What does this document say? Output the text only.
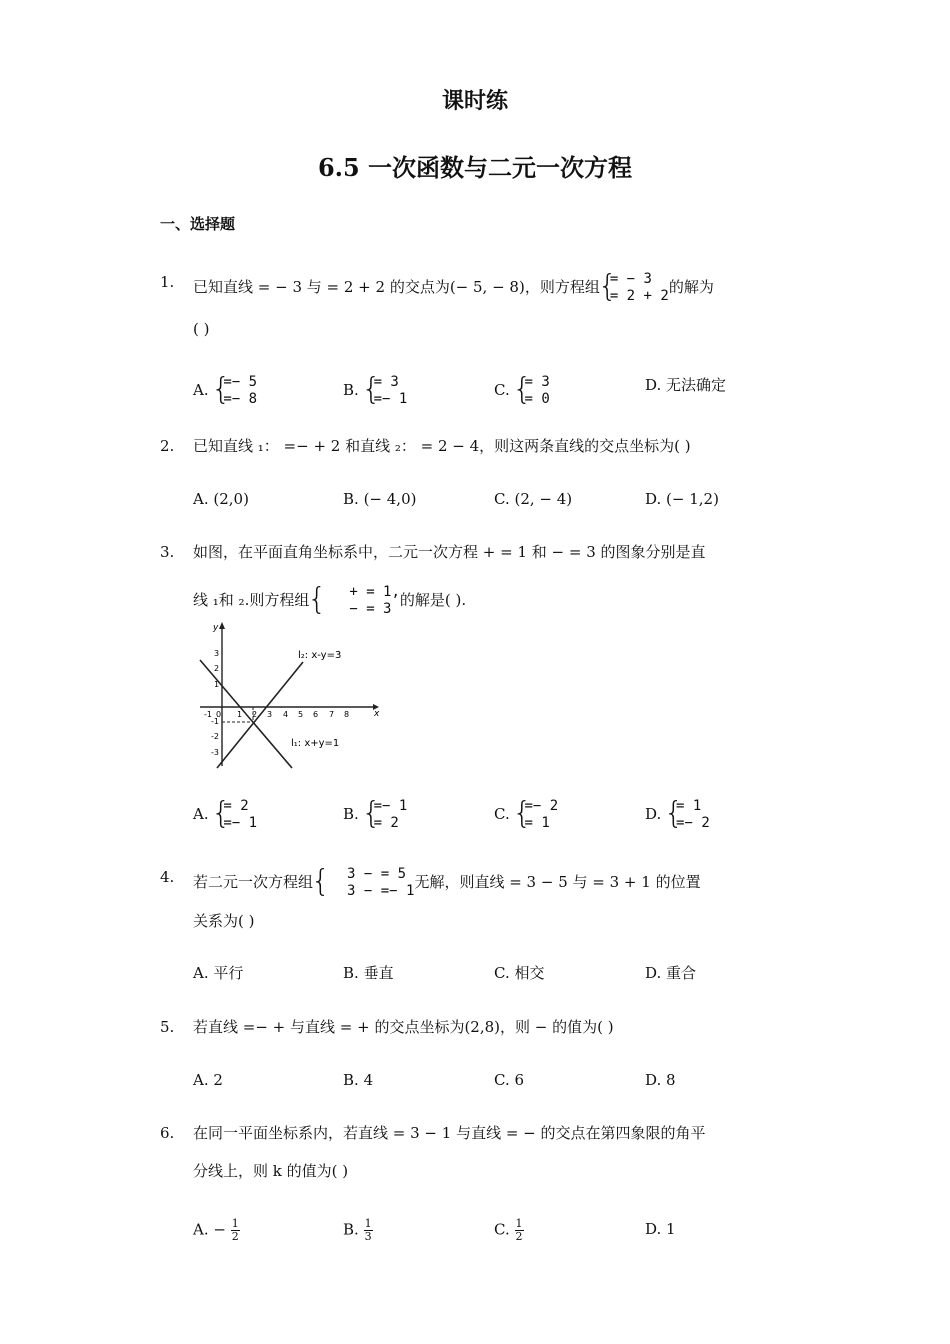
课时练
6.5 一次函数与二元一次方程
一、选择题
1. 已知直线 = − 3 与 = 2 + 2 的交点为(− 5, − 8)，则方程组 { = − 3
= 2 + 2 的解为
( )
A. { =− 5
=− 8	B. { = 3
=− 1	C. { = 3
= 0
D. 无法确定
2. 已知直线 ₁： =− + 2 和直线 ₂： = 2 − 4，则这两条直线的交点坐标为( )
A. (2,0)	B. (− 4,0)	C. (2, − 4)	D. (− 1,2)
3. 如图，在平面直角坐标系中，二元一次方程 + = 1 和 − = 3 的图象分别是直
线 ₁和 ₂.则方程组	{ + = 1,
− = 3 的解是( ).
x
y
-1 0 1 2 3 4 5 6 7 8
3
2
1
-1
-2
-3
l₂: x-y=3
l₁: x+y=1
A. { = 2
=− 1	B. { =− 1
= 2	C. { =− 2
= 1	D. { = 1
=− 2
4. 若二元一次方程组	{ 3 − = 5
3 − =− 1 无解，则直线 = 3 − 5 与 = 3 + 1 的位置
关系为( )
A. 平行	B. 垂直	C. 相交	D. 重合
5. 若直线 =− + 与直线 = + 的交点坐标为(2,8)，则 − 的值为( )
A. 2	B. 4	C. 6	D. 8
6. 在同一平面坐标系内，若直线 = 3 − 1 与直线 = − 的交点在第四象限的角平
分线上，则 k 的值为( )
A. − $\frac{1}{2}$	B. $\frac{1}{3}$	C. $\frac{1}{2}$	D. 1
